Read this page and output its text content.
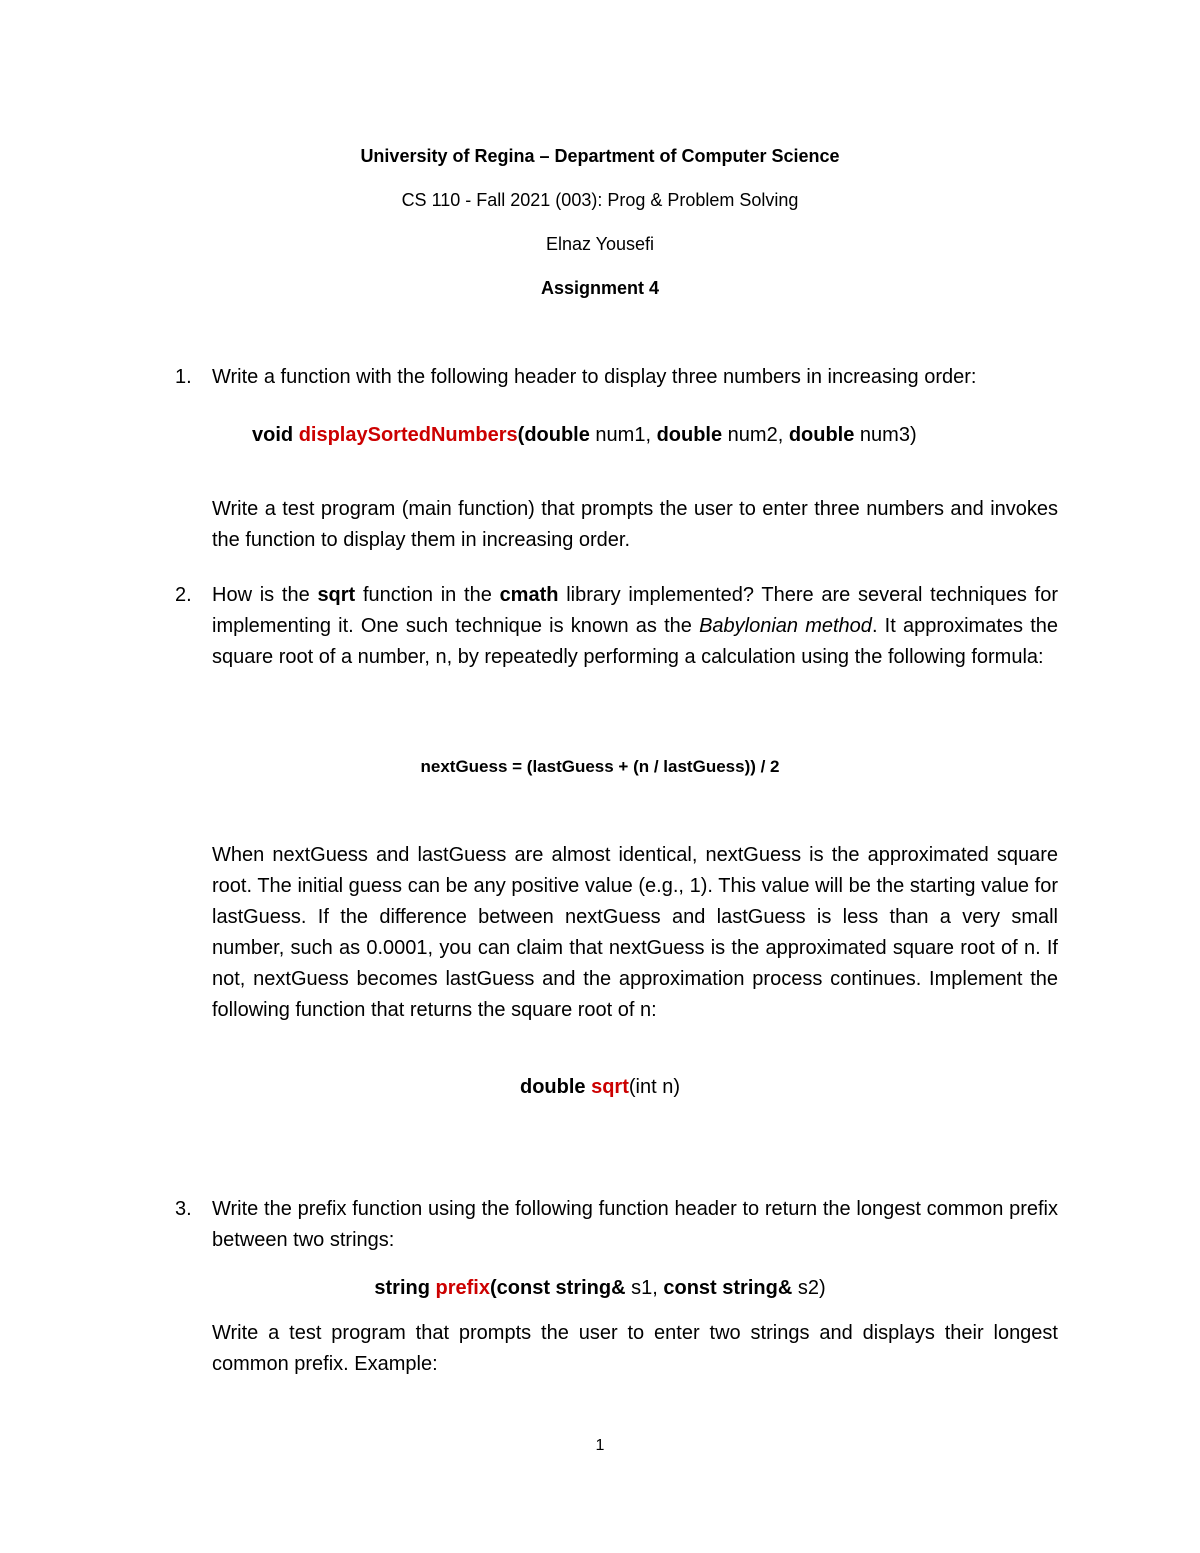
University of Regina – Department of Computer Science
CS 110 - Fall 2021 (003): Prog & Problem Solving
Elnaz Yousefi
Assignment 4
1.	Write a function with the following header to display three numbers in increasing order:
void displaySortedNumbers(double num1, double num2, double num3)
Write a test program (main function) that prompts the user to enter three numbers and invokes the function to display them in increasing order.
2.	How is the sqrt function in the cmath library implemented? There are several techniques for implementing it. One such technique is known as the Babylonian method. It approximates the square root of a number, n, by repeatedly performing a calculation using the following formula:
nextGuess = (lastGuess + (n / lastGuess)) / 2
When nextGuess and lastGuess are almost identical, nextGuess is the approximated square root. The initial guess can be any positive value (e.g., 1). This value will be the starting value for lastGuess. If the difference between nextGuess and lastGuess is less than a very small number, such as 0.0001, you can claim that nextGuess is the approximated square root of n. If not, nextGuess becomes lastGuess and the approximation process continues. Implement the following function that returns the square root of n:
double sqrt(int n)
3.	Write the prefix function using the following function header to return the longest common prefix between two strings:
string prefix(const string& s1, const string& s2)
Write a test program that prompts the user to enter two strings and displays their longest common prefix. Example:
1
